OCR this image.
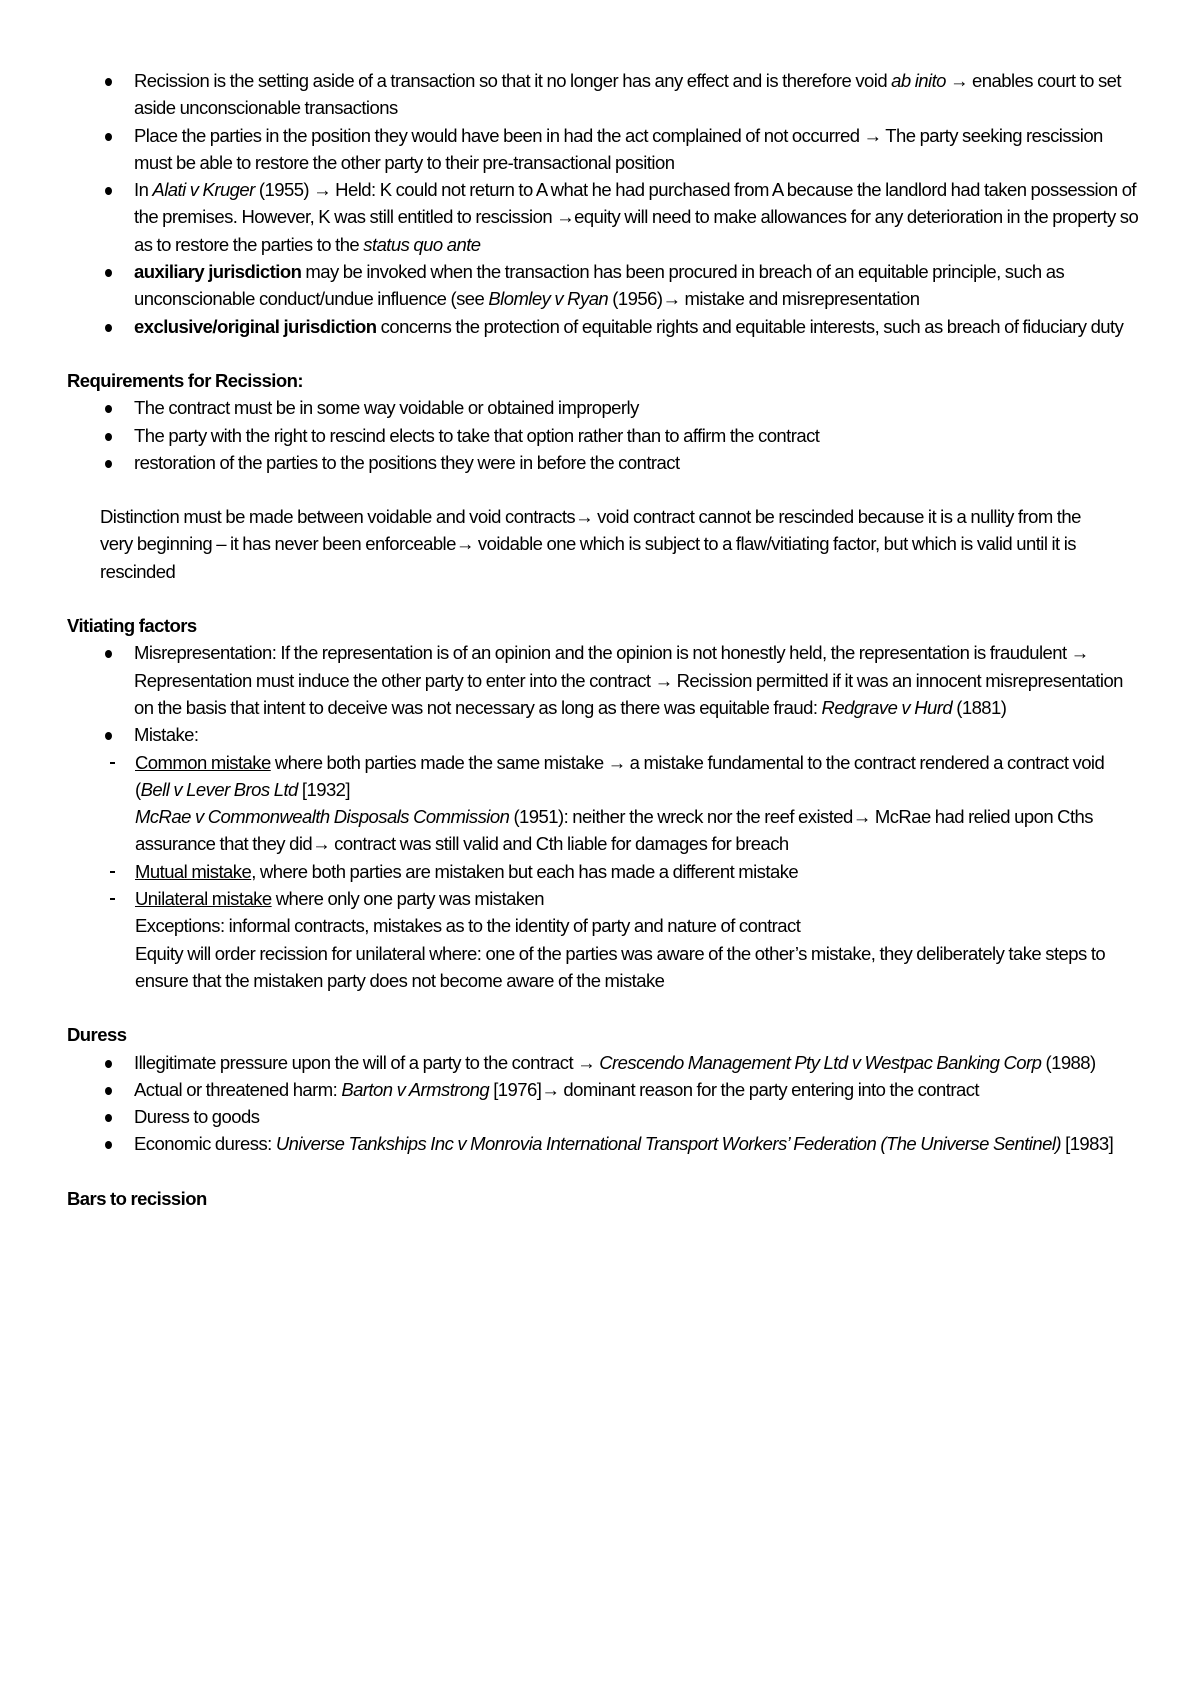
Recission is the setting aside of a transaction so that it no longer has any effect and is therefore void ab inito → enables court to set aside unconscionable transactions
Place the parties in the position they would have been in had the act complained of not occurred → The party seeking rescission must be able to restore the other party to their pre-transactional position
In Alati v Kruger (1955) → Held: K could not return to A what he had purchased from A because the landlord had taken possession of the premises. However, K was still entitled to rescission →equity will need to make allowances for any deterioration in the property so as to restore the parties to the status quo ante
auxiliary jurisdiction may be invoked when the transaction has been procured in breach of an equitable principle, such as unconscionable conduct/undue influence (see Blomley v Ryan (1956)→ mistake and misrepresentation
exclusive/original jurisdiction concerns the protection of equitable rights and equitable interests, such as breach of fiduciary duty

Requirements for Recission:

The contract must be in some way voidable or obtained improperly
The party with the right to rescind elects to take that option rather than to affirm the contract
restoration of the parties to the positions they were in before the contract

Distinction must be made between voidable and void contracts→ void contract cannot be rescinded because it is a nullity from the very beginning – it has never been enforceable→ voidable one which is subject to a flaw/vitiating factor, but which is valid until it is rescinded

Vitiating factors

Misrepresentation: If the representation is of an opinion and the opinion is not honestly held, the representation is fraudulent → Representation must induce the other party to enter into the contract → Recission permitted if it was an innocent misrepresentation on the basis that intent to deceive was not necessary as long as there was equitable fraud: Redgrave v Hurd (1881)
Mistake:
Common mistake where both parties made the same mistake → a mistake fundamental to the contract rendered a contract void (Bell v Lever Bros Ltd [1932]
McRae v Commonwealth Disposals Commission (1951): neither the wreck nor the reef existed→ McRae had relied upon Cths assurance that they did→ contract was still valid and Cth liable for damages for breach
Mutual mistake, where both parties are mistaken but each has made a different mistake
Unilateral mistake where only one party was mistaken
Exceptions: informal contracts, mistakes as to the identity of party and nature of contract
Equity will order recission for unilateral where: one of the parties was aware of the other’s mistake, they deliberately take steps to ensure that the mistaken party does not become aware of the mistake

Duress

Illegitimate pressure upon the will of a party to the contract → Crescendo Management Pty Ltd v Westpac Banking Corp (1988)
Actual or threatened harm: Barton v Armstrong [1976]→ dominant reason for the party entering into the contract
Duress to goods
Economic duress: Universe Tankships Inc v Monrovia International Transport Workers’ Federation (The Universe Sentinel) [1983]

Bars to recission
